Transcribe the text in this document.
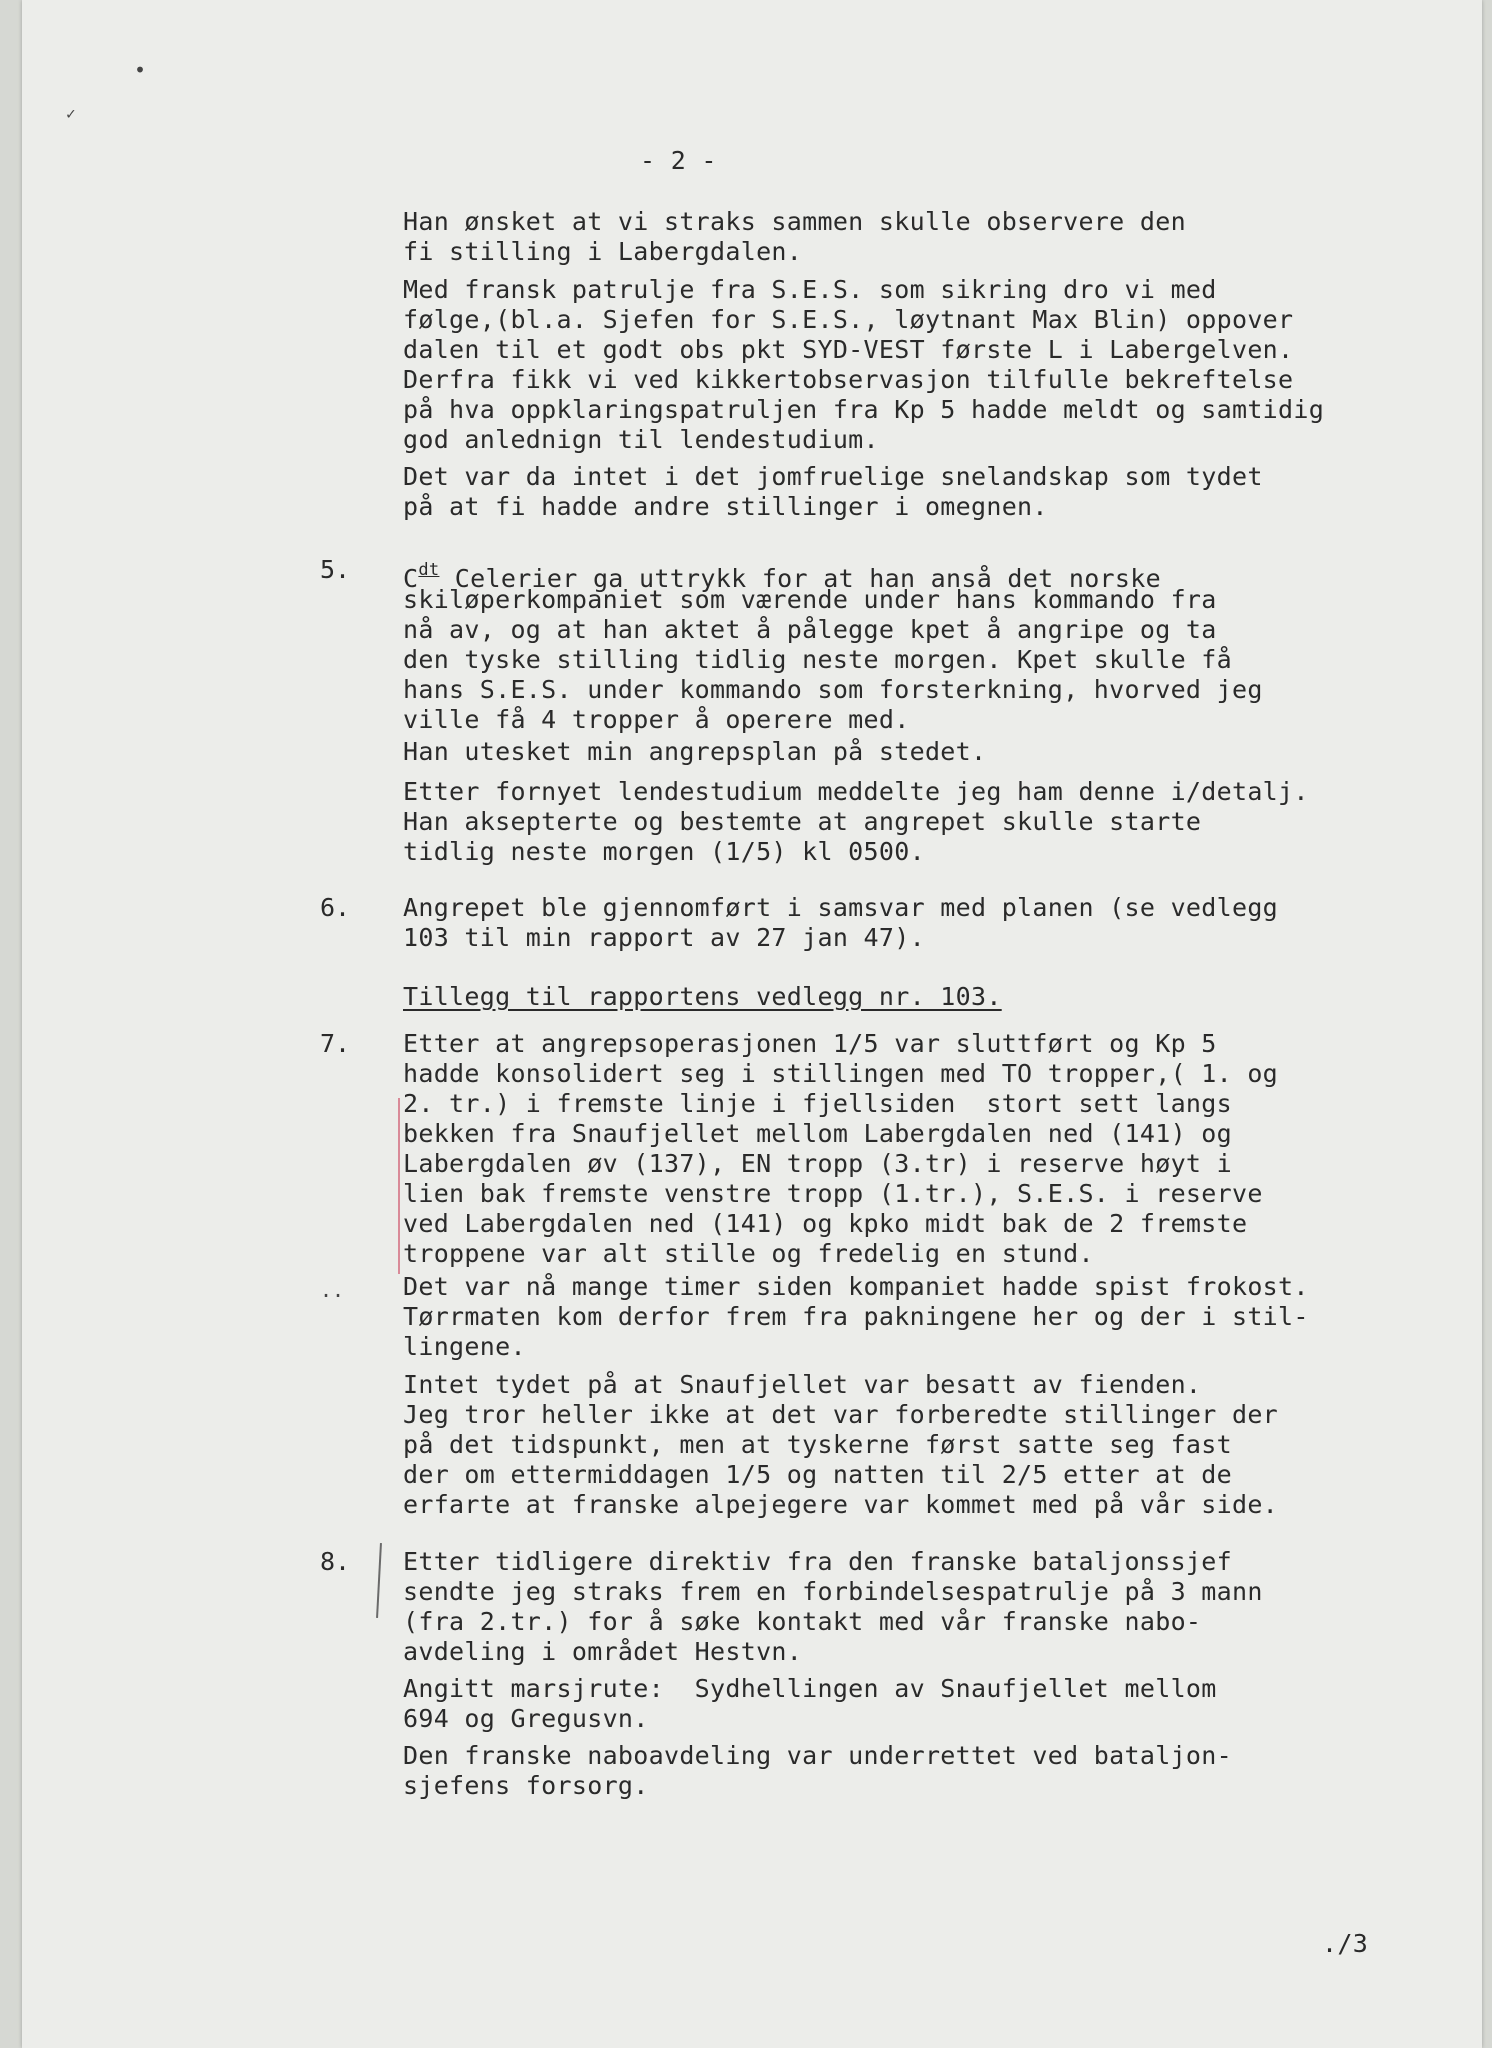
•
✓
- 2 -
Han ønsket at vi straks sammen skulle observere den
fi stilling i Labergdalen.
Med fransk patrulje fra S.E.S. som sikring dro vi med
følge,(bl.a. Sjefen for S.E.S., løytnant Max Blin) oppover
dalen til et godt obs pkt SYD-VEST første L i Labergelven.
Derfra fikk vi ved kikkertobservasjon tilfulle bekreftelse
på hva oppklaringspatruljen fra Kp 5 hadde meldt og samtidig
god anlednign til lendestudium.
Det var da intet i det jomfruelige snelandskap som tydet
på at fi hadde andre stillinger i omegnen.
5. $C^{dt}$ Celerier ga uttrykk for at han anså det norske
skiløperkompaniet som værende under hans kommando fra
nå av, og at han aktet å pålegge kpet å angripe og ta
den tyske stilling tidlig neste morgen. Kpet skulle få
hans S.E.S. under kommando som forsterkning, hvorved jeg
ville få 4 tropper å operere med.
Han utesket min angrepsplan på stedet.
Etter fornyet lendestudium meddelte jeg ham denne i/detalj.
Han aksepterte og bestemte at angrepet skulle starte
tidlig neste morgen (1/5) kl 0500.
6. Angrepet ble gjennomført i samsvar med planen (se vedlegg
103 til min rapport av 27 jan 47).
Tillegg til rapportens vedlegg nr. 103.
7. Etter at angrepsoperasjonen 1/5 var sluttført og Kp 5
hadde konsolidert seg i stillingen med TO tropper,( 1. og
2. tr.) i fremste linje i fjellsiden  stort sett langs
bekken fra Snaufjellet mellom Labergdalen ned (141) og
Labergdalen øv (137), EN tropp (3.tr) i reserve høyt i
lien bak fremste venstre tropp (1.tr.), S.E.S. i reserve
ved Labergdalen ned (141) og kpko midt bak de 2 fremste
troppene var alt stille og fredelig en stund.
.. Det var nå mange timer siden kompaniet hadde spist frokost.
Tørrmaten kom derfor frem fra pakningene her og der i stil-
lingene.
Intet tydet på at Snaufjellet var besatt av fienden.
Jeg tror heller ikke at det var forberedte stillinger der
på det tidspunkt, men at tyskerne først satte seg fast
der om ettermiddagen 1/5 og natten til 2/5 etter at de
erfarte at franske alpejegere var kommet med på vår side.
8. Etter tidligere direktiv fra den franske bataljonssjef
sendte jeg straks frem en forbindelsespatrulje på 3 mann
(fra 2.tr.) for å søke kontakt med vår franske nabo-
avdeling i området Hestvn.
Angitt marsjrute:  Sydhellingen av Snaufjellet mellom
694 og Gregusvn.
Den franske naboavdeling var underrettet ved bataljon-
sjefens forsorg.
./3
